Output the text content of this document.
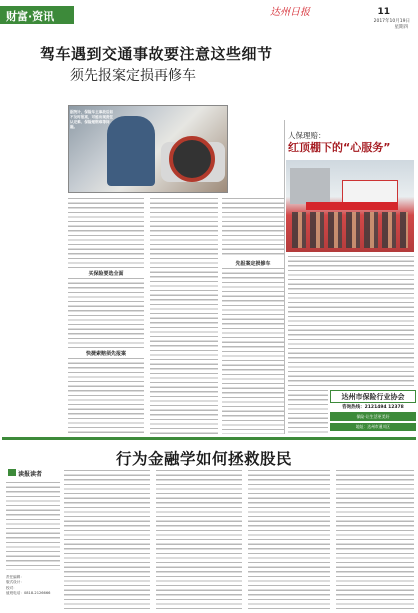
财富·资讯	达州日报	11
2017年10月19日
星期四
驾车遇到交通事故要注意这些细节
须先报案定损再修车
据统计，保险车主事故后如不及时报案，可能出现责任认定难、保险理赔难等问题。
买保险要选全面
快捷索赔须先报案
先报案定损修车
人保理赔：
红顶棚下的“心服务”
达州市保险行业协会
咨询热线：2121494 12378
保险·让生活更美好
地址：达州市通川区
行为金融学如何拯救股民
读报读者
责任编辑：
版式设计：
校对：
值班电话：0818-2126666
